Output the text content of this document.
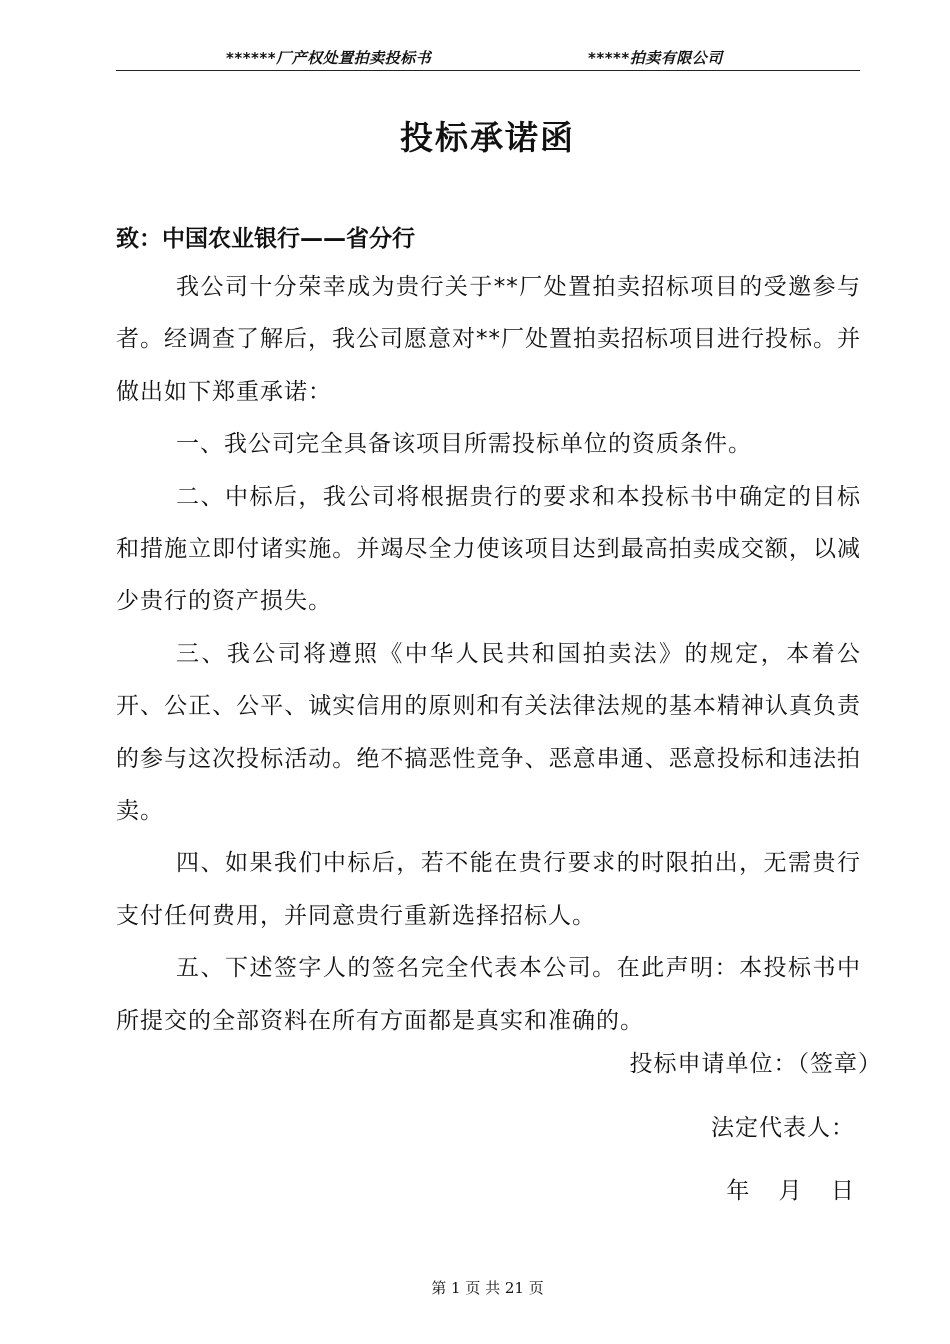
******厂产权处置拍卖投标书	*****拍卖有限公司
投标承诺函
致：中国农业银行——省分行

我公司十分荣幸成为贵行关于**厂处置拍卖招标项目的受邀参与者。经调查了解后，我公司愿意对**厂处置拍卖招标项目进行投标。并做出如下郑重承诺：

一、我公司完全具备该项目所需投标单位的资质条件。

二、中标后，我公司将根据贵行的要求和本投标书中确定的目标和措施立即付诸实施。并竭尽全力使该项目达到最高拍卖成交额，以减少贵行的资产损失。

三、我公司将遵照《中华人民共和国拍卖法》的规定，本着公开、公正、公平、诚实信用的原则和有关法律法规的基本精神认真负责的参与这次投标活动。绝不搞恶性竞争、恶意串通、恶意投标和违法拍卖。

四、如果我们中标后，若不能在贵行要求的时限拍出，无需贵行支付任何费用，并同意贵行重新选择招标人。

五、下述签字人的签名完全代表本公司。在此声明：本投标书中所提交的全部资料在所有方面都是真实和准确的。

投标申请单位：（签章）
法定代表人：
年 月 日
第 1 页 共 21 页
